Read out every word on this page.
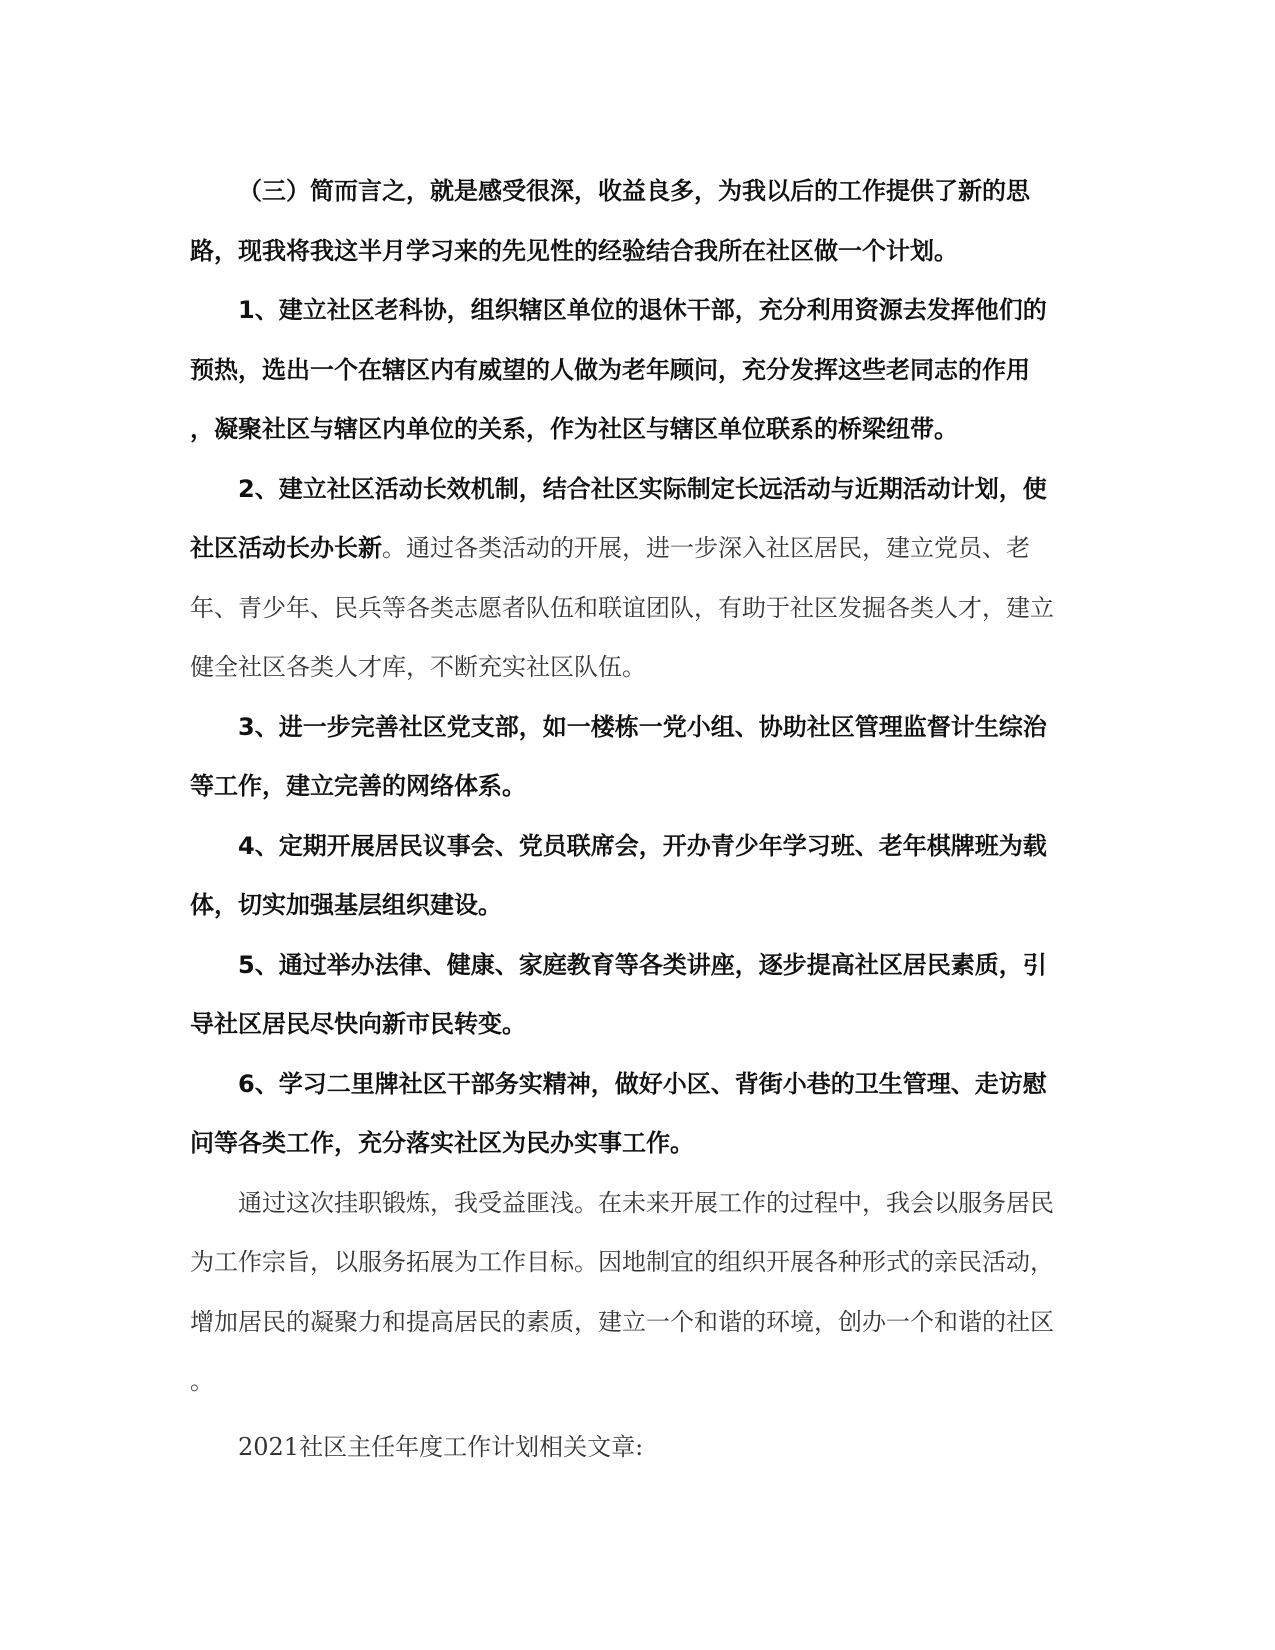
（三）简而言之，就是感受很深，收益良多，为我以后的工作提供了新的思
路，现我将我这半月学习来的先见性的经验结合我所在社区做一个计划。
1、建立社区老科协，组织辖区单位的退休干部，充分利用资源去发挥他们的
预热，选出一个在辖区内有威望的人做为老年顾问，充分发挥这些老同志的作用
，凝聚社区与辖区内单位的关系，作为社区与辖区单位联系的桥梁纽带。
2、建立社区活动长效机制，结合社区实际制定长远活动与近期活动计划，使
社区活动长办长新。通过各类活动的开展，进一步深入社区居民，建立党员、老
年、青少年、民兵等各类志愿者队伍和联谊团队，有助于社区发掘各类人才，建立
健全社区各类人才库，不断充实社区队伍。
3、进一步完善社区党支部，如一楼栋一党小组、协助社区管理监督计生综治
等工作，建立完善的网络体系。
4、定期开展居民议事会、党员联席会，开办青少年学习班、老年棋牌班为载
体，切实加强基层组织建设。
5、通过举办法律、健康、家庭教育等各类讲座，逐步提高社区居民素质，引
导社区居民尽快向新市民转变。
6、学习二里牌社区干部务实精神，做好小区、背街小巷的卫生管理、走访慰
问等各类工作，充分落实社区为民办实事工作。
通过这次挂职锻炼，我受益匪浅。在未来开展工作的过程中，我会以服务居民
为工作宗旨，以服务拓展为工作目标。因地制宜的组织开展各种形式的亲民活动，
增加居民的凝聚力和提高居民的素质，建立一个和谐的环境，创办一个和谐的社区
。
2021社区主任年度工作计划相关文章:
